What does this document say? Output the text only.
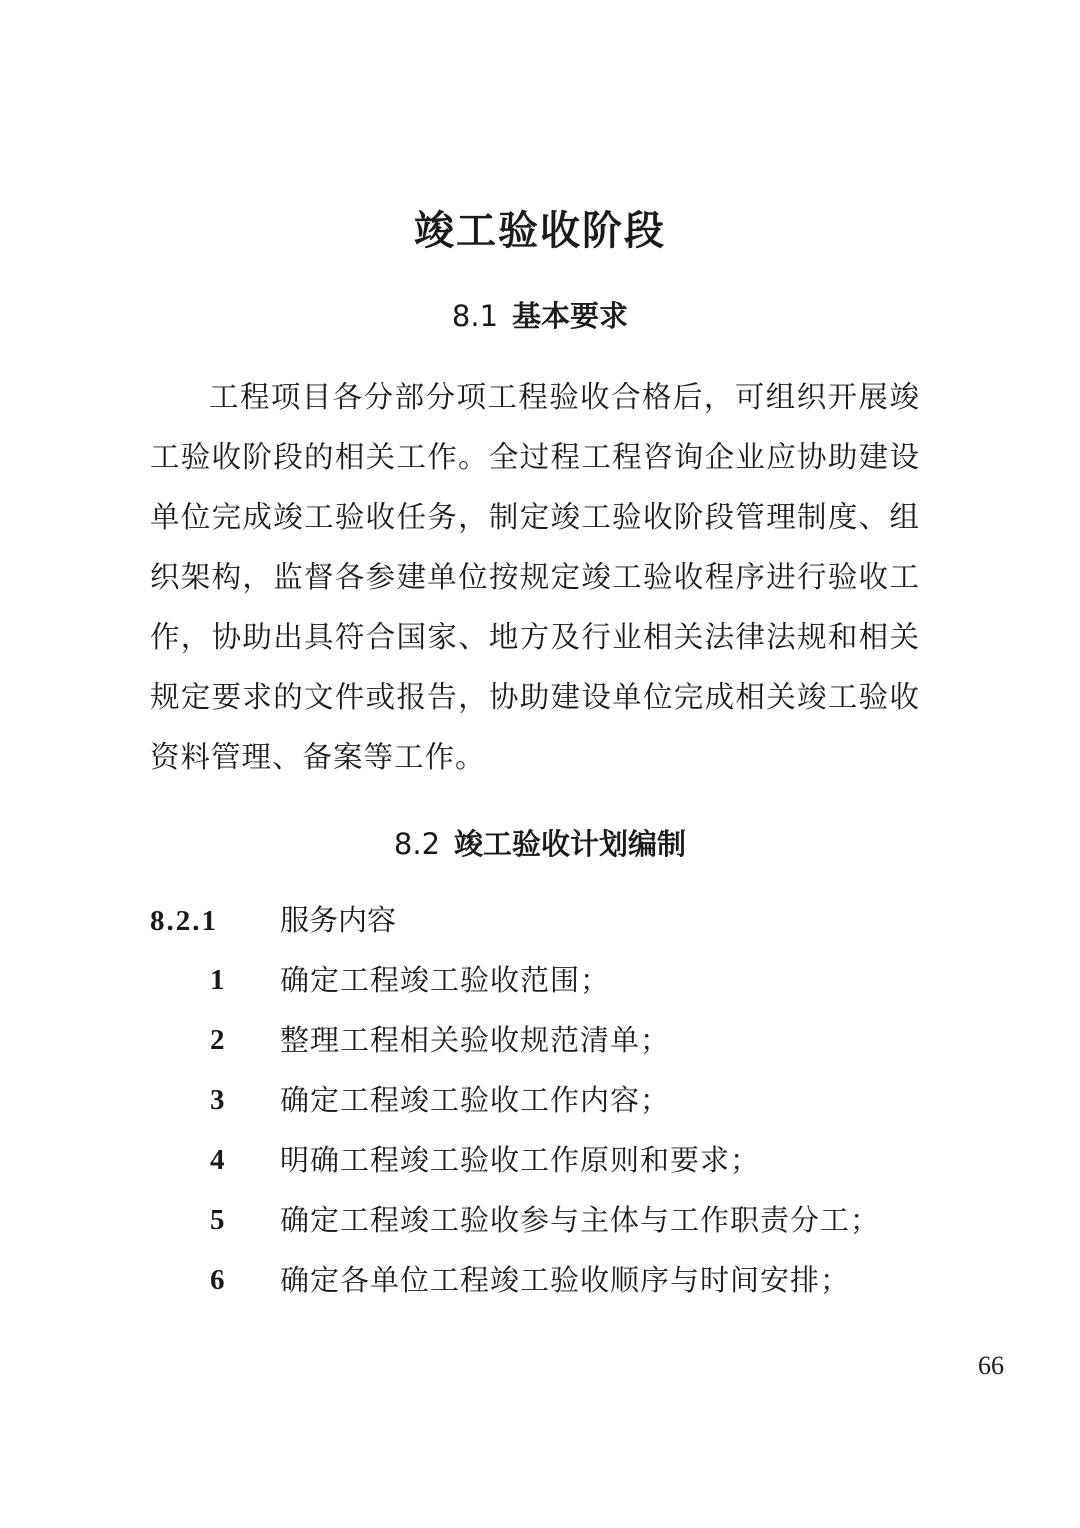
竣工验收阶段
8.1 基本要求

工程项目各分部分项工程验收合格后，可组织开展竣工验收阶段的相关工作。全过程工程咨询企业应协助建设单位完成竣工验收任务，制定竣工验收阶段管理制度、组织架构，监督各参建单位按规定竣工验收程序进行验收工作，协助出具符合国家、地方及行业相关法律法规和相关规定要求的文件或报告，协助建设单位完成相关竣工验收资料管理、备案等工作。

8.2 竣工验收计划编制
8.2.1 服务内容
1	确定工程竣工验收范围；
2	整理工程相关验收规范清单；
3	确定工程竣工验收工作内容；
4	明确工程竣工验收工作原则和要求；
5	确定工程竣工验收参与主体与工作职责分工；
6	确定各单位工程竣工验收顺序与时间安排；
66
